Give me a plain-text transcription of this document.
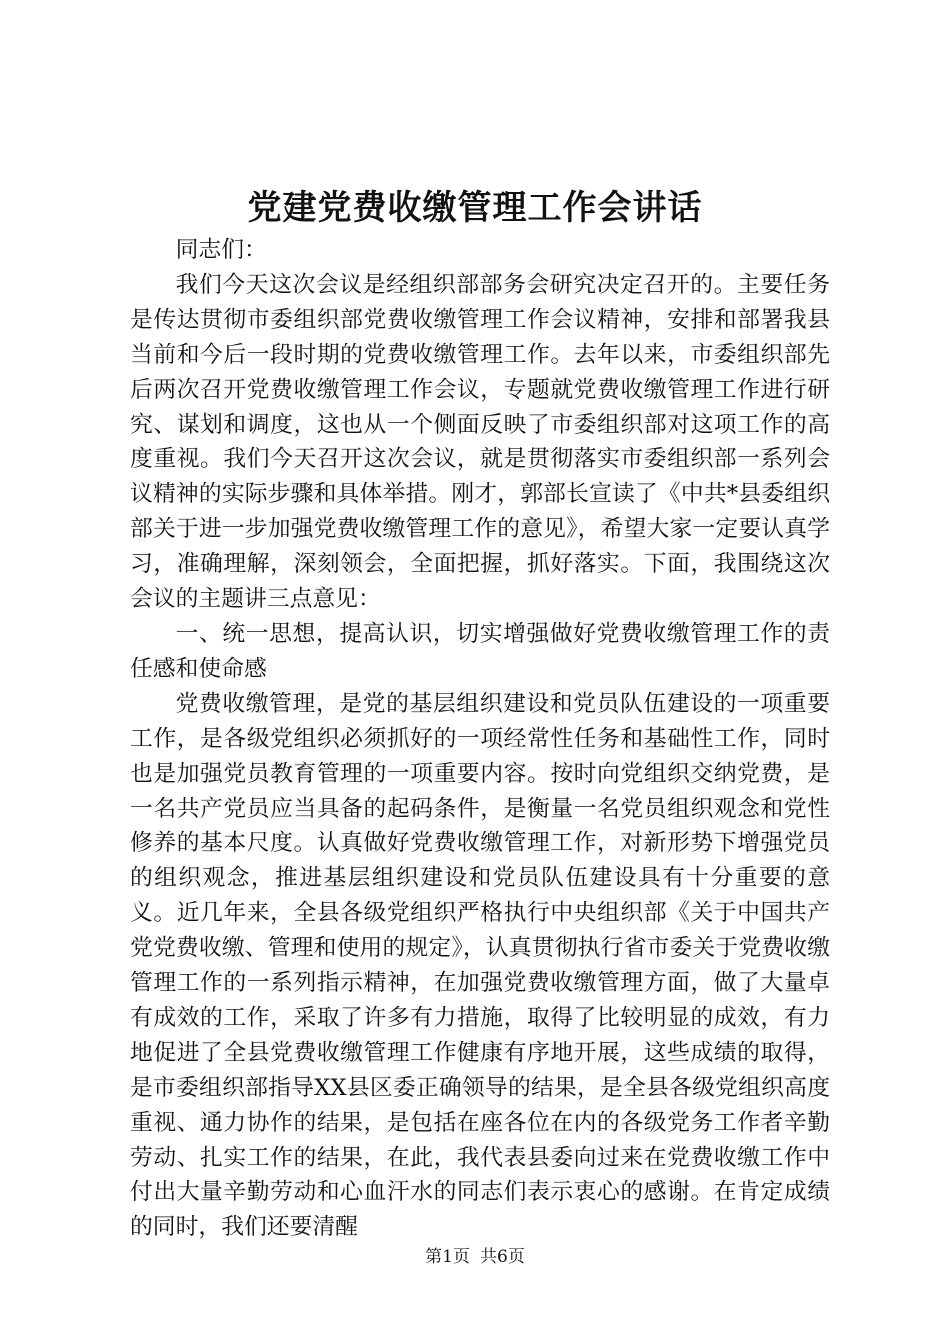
党建党费收缴管理工作会讲话

同志们：

我们今天这次会议是经组织部部务会研究决定召开的。主要任务是传达贯彻市委组织部党费收缴管理工作会议精神，安排和部署我县当前和今后一段时期的党费收缴管理工作。去年以来，市委组织部先后两次召开党费收缴管理工作会议，专题就党费收缴管理工作进行研究、谋划和调度，这也从一个侧面反映了市委组织部对这项工作的高度重视。我们今天召开这次会议，就是贯彻落实市委组织部一系列会议精神的实际步骤和具体举措。刚才，郭部长宣读了《中共*县委组织部关于进一步加强党费收缴管理工作的意见》，希望大家一定要认真学习，准确理解，深刻领会，全面把握，抓好落实。下面，我围绕这次会议的主题讲三点意见：

一、统一思想，提高认识，切实增强做好党费收缴管理工作的责任感和使命感

党费收缴管理，是党的基层组织建设和党员队伍建设的一项重要工作，是各级党组织必须抓好的一项经常性任务和基础性工作，同时也是加强党员教育管理的一项重要内容。按时向党组织交纳党费，是一名共产党员应当具备的起码条件，是衡量一名党员组织观念和党性修养的基本尺度。认真做好党费收缴管理工作，对新形势下增强党员的组织观念，推进基层组织建设和党员队伍建设具有十分重要的意义。近几年来，全县各级党组织严格执行中央组织部《关于中国共产党党费收缴、管理和使用的规定》，认真贯彻执行省市委关于党费收缴管理工作的一系列指示精神，在加强党费收缴管理方面，做了大量卓有成效的工作，采取了许多有力措施，取得了比较明显的成效，有力地促进了全县党费收缴管理工作健康有序地开展，这些成绩的取得，是市委组织部指导XX县区委正确领导的结果，是全县各级党组织高度重视、通力协作的结果，是包括在座各位在内的各级党务工作者辛勤劳动、扎实工作的结果，在此，我代表县委向过来在党费收缴工作中付出大量辛勤劳动和心血汗水的同志们表示衷心的感谢。在肯定成绩的同时，我们还要清醒

第1页 共6页
